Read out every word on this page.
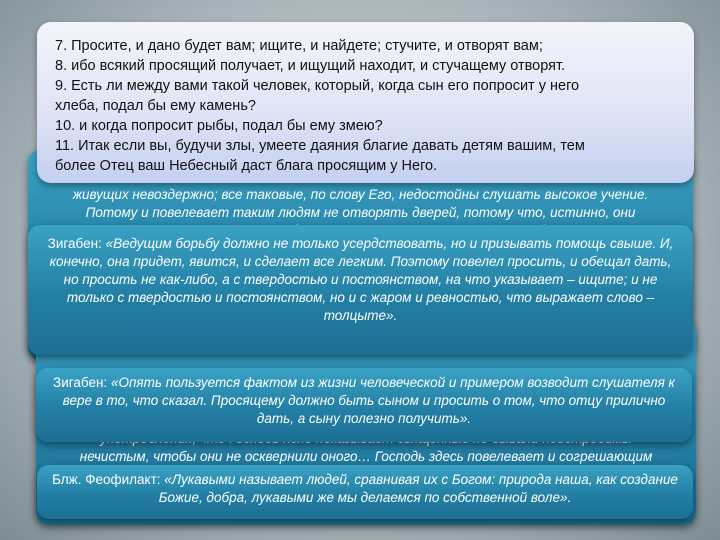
живущих невоздержно; все таковые, по слову Его, недостойны слушать высокое учение.
Потому и повелевает таким людям не отворять дверей, потому что, истинно, они
нечистым, чтобы они не осквернили оного… Господь здесь повелевает и согрешающим

7. Просите, и дано будет вам; ищите, и найдете; стучите, и отворят вам;

8. ибо всякий просящий получает, и ищущий находит, и стучащему отворят.

9. Есть ли между вами такой человек, который, когда сын его попросит у него

хлеба, подал бы ему камень?

10. и когда попросит рыбы, подал бы ему змею?

11. Итак если вы, будучи злы, умеете даяния благие давать детям вашим, тем

более Отец ваш Небесный даст блага просящим у Него.

Зигабен: «Ведущим борьбу должно не только усердствовать, но и призывать помощь свыше. И, конечно, она придет, явится, и сделает все легким. Поэтому повелел просить, и обещал дать, но просить не как-либо, а с твердостью и постоянством, на что указывает – ищите; и не только с твердостью и постоянством, но и с жаром и ревностью, что выражает слово – толцыте».
Зигабен: «Опять пользуется фактом из жизни человеческой и примером возводит слушателя к вере в то, что сказал. Просящему должно быть сыном и просить о том, что отцу прилично дать, а сыну полезно получить».
Блж. Феофилакт: «Лукавыми называет людей, сравнивая их с Богом: природа наша, как создание Божие, добра, лукавыми же мы делаемся по собственной воле».
